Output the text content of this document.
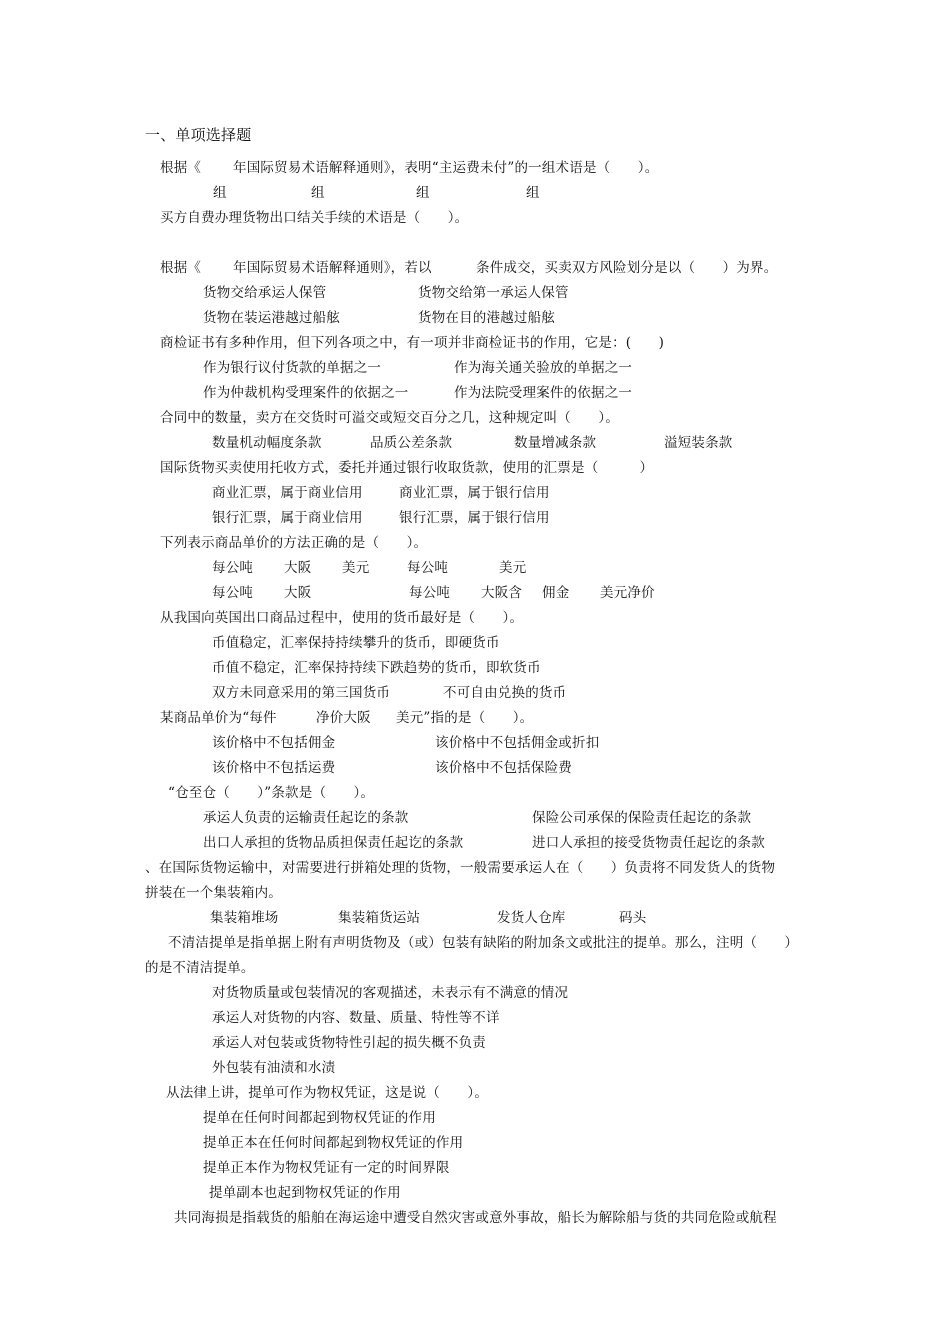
一、单项选择题
根据《 年国际贸易术语解释通则》，表明“主运费未付”的一组术语是（　　）。
组	组	组	组
买方自费办理货物出口结关手续的术语是（　　）。
根据《 年国际贸易术语解释通则》，若以	条件成交，买卖双方风险划分是以（　　）为界。
货物交给承运人保管	货物交给第一承运人保管
货物在装运港越过船舷	货物在目的港越过船舷
商检证书有多种作用，但下列各项之中，有一项并非商检证书的作用，它是：(　　)
作为银行议付货款的单据之一	作为海关通关验放的单据之一
作为仲裁机构受理案件的依据之一	作为法院受理案件的依据之一
合同中的数量，卖方在交货时可溢交或短交百分之几，这种规定叫（　　）。
数量机动幅度条款	品质公差条款	数量增减条款	溢短装条款
国际货物买卖使用托收方式，委托并通过银行收取货款，使用的汇票是（　　　）
商业汇票，属于商业信用	商业汇票，属于银行信用
银行汇票，属于商业信用	银行汇票，属于银行信用
下列表示商品单价的方法正确的是（　　）。
每公吨 大阪 美元	每公吨	美元
每公吨 大阪	每公吨 大阪含 佣金 美元净价
从我国向英国出口商品过程中，使用的货币最好是（　　）。
币值稳定，汇率保持持续攀升的货币，即硬货币
币值不稳定，汇率保持持续下跌趋势的货币，即软货币
双方未同意采用的第三国货币	不可自由兑换的货币
某商品单价为“每件	净价大阪 美元”指的是（　　）。
该价格中不包括佣金	该价格中不包括佣金或折扣
该价格中不包括运费	该价格中不包括保险费
“仓至仓（　　）”条款是（　　）。
承运人负责的运输责任起讫的条款	保险公司承保的保险责任起讫的条款
出口人承担的货物品质担保责任起讫的条款	进口人承担的接受货物责任起讫的条款
、在国际货物运输中，对需要进行拼箱处理的货物，一般需要承运人在（　　）负责将不同发货人的货物
拼装在一个集装箱内。
集装箱堆场	集装箱货运站	发货人仓库	码头
不清洁提单是指单据上附有声明货物及（或）包装有缺陷的附加条文或批注的提单。那么，注明（　　）
的是不清洁提单。
对货物质量或包装情况的客观描述，未表示有不满意的情况
承运人对货物的内容、数量、质量、特性等不详
承运人对包装或货物特性引起的损失概不负责
外包装有油渍和水渍
从法律上讲，提单可作为物权凭证，这是说（　　）。
提单在任何时间都起到物权凭证的作用
提单正本在任何时间都起到物权凭证的作用
提单正本作为物权凭证有一定的时间界限
提单副本也起到物权凭证的作用
共同海损是指载货的船舶在海运途中遭受自然灾害或意外事故，船长为解除船与货的共同危险或航程
